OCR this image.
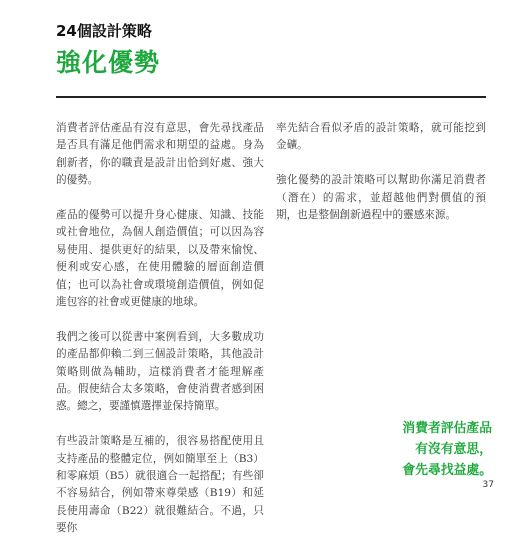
24個設計策略
強化優勢

消費者評估產品有沒有意思，會先尋找產品是否具有滿足他們需求和期望的益處。身為創新者，你的職責是設計出恰到好處、強大的優勢。

產品的優勢可以提升身心健康、知識、技能或社會地位，為個人創造價值；可以因為容易使用、提供更好的結果，以及帶來愉悅、便利或安心感，在使用體驗的層面創造價值；也可以為社會或環境創造價值，例如促進包容的社會或更健康的地球。

我們之後可以從書中案例看到，大多數成功的產品都仰賴二到三個設計策略，其他設計策略則做為輔助，這樣消費者才能理解產品。假使結合太多策略，會使消費者感到困惑。總之，要謹慎選擇並保持簡單。

有些設計策略是互補的，很容易搭配使用且支持產品的整體定位，例如簡單至上（B3）和零麻煩（B5）就很適合一起搭配；有些卻不容易結合，例如帶來尊榮感（B19）和延長使用壽命（B22）就很難結合。不過，只要你

率先結合看似矛盾的設計策略，就可能挖到金礦。

強化優勢的設計策略可以幫助你滿足消費者（潛在）的需求，並超越他們對價值的預期，也是整個創新過程中的靈感來源。

消費者評估產品
有沒有意思，
會先尋找益處。
37
